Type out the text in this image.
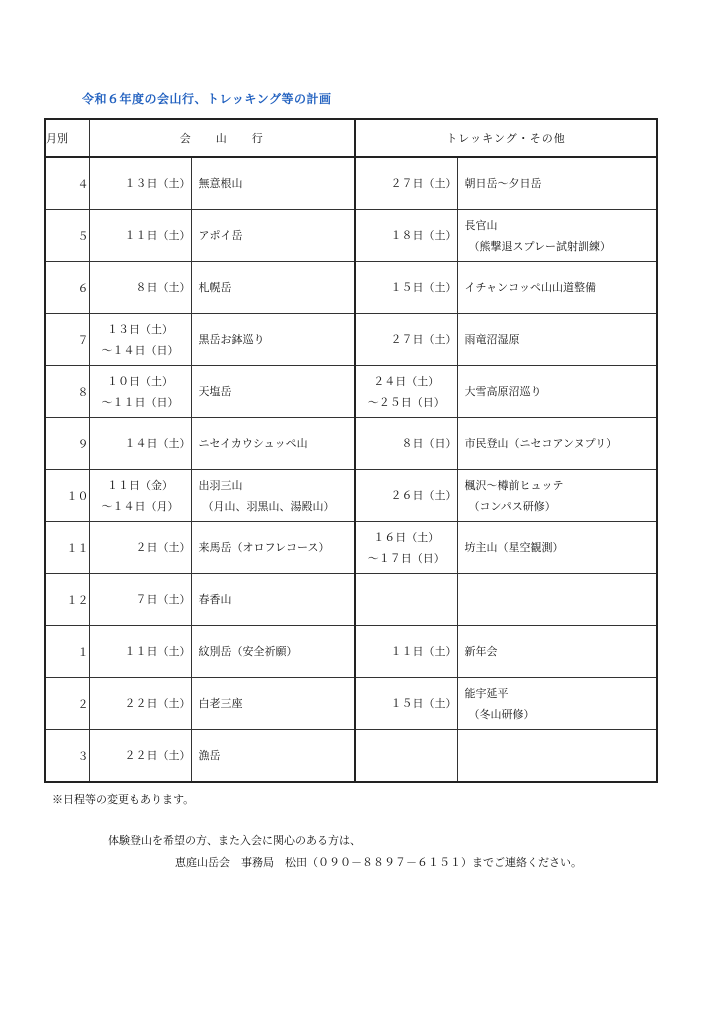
令和６年度の会山行、トレッキング等の計画
月別	会　　山　　行		トレッキング・その他	
４	１３日（土）	無意根山	２７日（土）	朝日岳～夕日岳

５	１１日（土）	アポイ岳	１８日（土）	長官山
（熊撃退スプレー試射訓練）

６	８日（土）	札幌岳	１５日（土）	イチャンコッペ山山道整備

７	１３日（土）
～１４日（日）	黒岳お鉢巡り	２７日（土）	雨竜沼湿原

８	１０日（土）
～１１日（日）	天塩岳	２４日（土）
～２５日（日）	大雪高原沼巡り

９	１４日（土）	ニセイカウシュッペ山	８日（日）	市民登山（ニセコアンヌプリ）

１０	１１日（金）
～１４日（月）	出羽三山
（月山、羽黒山、湯殿山）	２６日（土）	楓沢～樽前ヒュッテ
（コンパス研修）

１１	２日（土）	来馬岳（オロフレコース）	１６日（土）
～１７日（日）	坊主山（星空観測）

１２	７日（土）	春香山		

１	１１日（土）	紋別岳（安全祈願）	１１日（土）	新年会

２	２２日（土）	白老三座	１５日（土）	能宇延平
（冬山研修）

３	２２日（土）	漁岳		

※日程等の変更もあります。
体験登山を希望の方、また入会に関心のある方は、
恵庭山岳会　事務局　松田（０９０－８８９７－６１５１）までご連絡ください。
